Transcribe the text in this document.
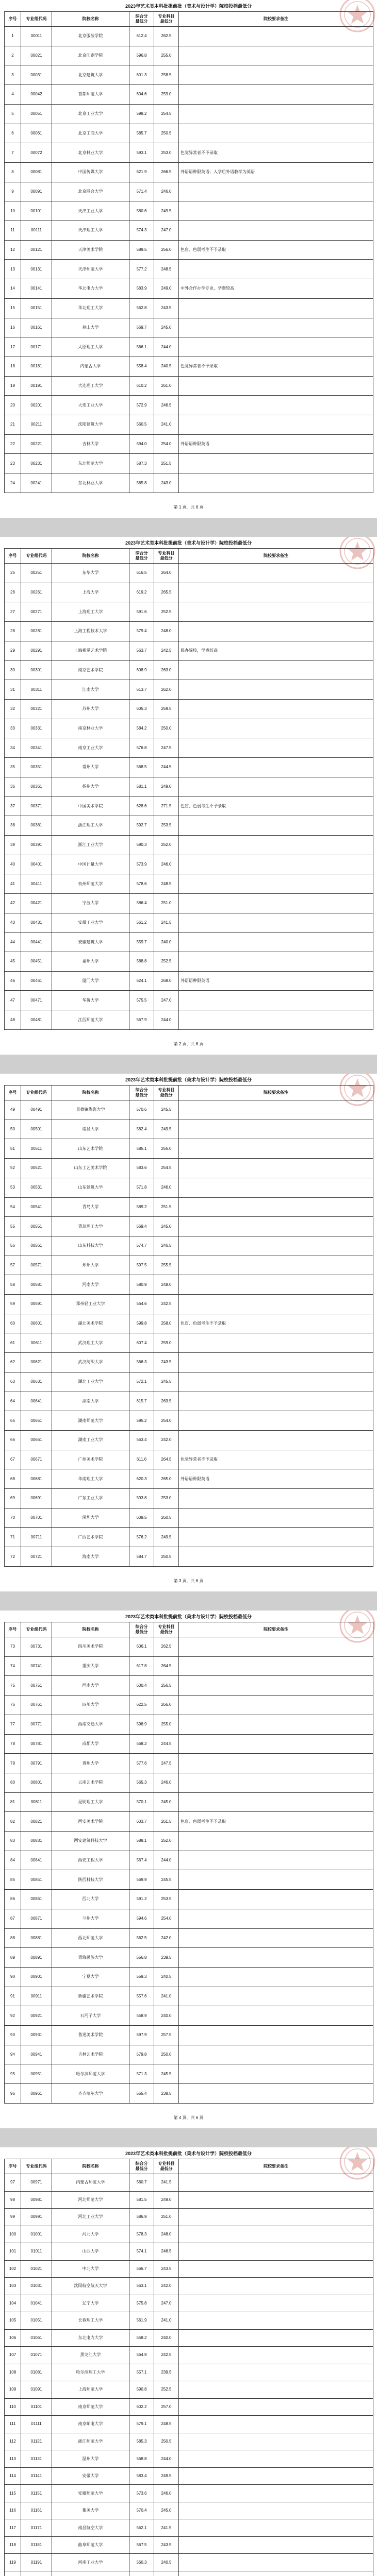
2023年艺术类本科批提前批（美术与设计学）院校投档最低分
序号	专业组代码	院校名称	综合分最低分	专业科目最低分	院校要求备注
1	00011	北京服装学院	612.4	262.5	
2	00021	北京印刷学院	596.8	255.0	
3	00031	北京建筑大学	601.3	258.5	
4	00042	首都师范大学	604.6	259.0	
5	00051	北京工业大学	598.2	254.5	
6	00061	北京工商大学	585.7	250.5	
7	00072	北京林业大学	593.1	253.0	色觉异常者不予录取
8	00081	中国传媒大学	621.9	266.5	外语语种限英语；入学后外语教学为英语
9	00091	北京联合大学	571.4	246.0	
10	00101	天津工业大学	580.6	249.5	
11	00111	天津理工大学	574.3	247.0	
12	00121	天津美术学院	589.5	256.0	色盲、色弱考生不予录取
13	00131	天津师范大学	577.2	248.5	
14	00141	华北电力大学	583.9	249.0	中外合作办学专业，学费较高
15	00151	华北理工大学	562.8	243.5	
16	00161	燕山大学	569.7	245.0	
17	00171	太原理工大学	566.1	244.0	
18	00181	内蒙古大学	558.4	240.5	色觉异常者不予录取
19	00191	大连理工大学	610.2	261.0	
20	00201	大连工业大学	572.9	246.5	
21	00211	沈阳建筑大学	560.5	241.0	
22	00221	吉林大学	594.0	254.0	外语语种限英语
23	00231	东北师范大学	587.3	251.5	
24	00241	东北林业大学	565.8	243.0	
第 1 页，共 6 页
2023年艺术类本科批提前批（美术与设计学）院校投档最低分
序号	专业组代码	院校名称	综合分最低分	专业科目最低分	院校要求备注
25	00251	东华大学	616.5	264.0	
26	00261	上海大学	619.2	265.5	
27	00271	上海理工大学	591.6	252.5	
28	00281	上海工程技术大学	579.4	248.0	
29	00291	上海视觉艺术学院	563.7	242.5	民办院校，学费较高
30	00301	南京艺术学院	608.9	263.0	
31	00311	江南大学	613.7	262.0	
32	00321	苏州大学	605.3	259.5	
33	00331	南京林业大学	584.2	250.0	
34	00341	南京工业大学	576.8	247.5	
35	00351	常州大学	568.5	244.5	
36	00361	扬州大学	581.1	249.0	
37	00371	中国美术学院	628.6	271.5	色盲、色弱考生不予录取
38	00381	浙江理工大学	592.7	253.5	
39	00391	浙江工业大学	590.3	252.0	
40	00401	中国计量大学	573.9	246.0	
41	00411	杭州师范大学	578.6	248.5	
42	00421	宁波大学	586.4	251.0	
43	00431	安徽工业大学	561.2	241.5	
44	00441	安徽建筑大学	559.7	240.0	
45	00451	福州大学	588.8	252.5	
46	00461	厦门大学	624.1	268.0	外语语种限英语
47	00471	华侨大学	575.5	247.0	
48	00481	江西师范大学	567.9	244.0	
第 2 页，共 6 页
2023年艺术类本科批提前批（美术与设计学）院校投档最低分
序号	专业组代码	院校名称	综合分最低分	专业科目最低分	院校要求备注
49	00491	景德镇陶瓷大学	570.6	245.5	
50	00501	南昌大学	582.4	249.5	
51	00511	山东艺术学院	585.1	255.0	
52	00521	山东工艺美术学院	583.6	254.5	
53	00531	山东建筑大学	571.8	246.0	
54	00541	青岛大学	589.2	251.5	
55	00551	青岛理工大学	569.4	245.0	
56	00561	山东科技大学	574.7	246.5	
57	00571	郑州大学	597.5	255.5	
58	00581	河南大学	580.9	248.0	
59	00591	郑州轻工业大学	564.6	242.5	
60	00601	湖北美术学院	599.8	258.0	色盲、色弱考生不予录取
61	00611	武汉理工大学	607.4	259.0	
62	00621	武汉纺织大学	566.3	243.5	
63	00631	湖北工业大学	572.1	245.5	
64	00641	湖南大学	615.7	263.5	
65	00651	湖南师范大学	595.2	254.0	
66	00661	湖南工业大学	563.4	242.0	
67	00671	广州美术学院	611.6	264.5	色觉异常者不予录取
68	00681	华南理工大学	620.3	265.0	外语语种限英语
69	00691	广东工业大学	593.8	253.0	
70	00701	深圳大学	609.5	260.5	
71	00711	广西艺术学院	576.2	249.5	
72	00721	海南大学	584.7	250.5	
第 3 页，共 6 页
2023年艺术类本科批提前批（美术与设计学）院校投档最低分
序号	专业组代码	院校名称	综合分最低分	专业科目最低分	院校要求备注
73	00731	四川美术学院	606.1	262.5	
74	00741	重庆大学	617.8	264.5	
75	00751	西南大学	600.4	256.5	
76	00761	四川大学	622.5	266.0	
77	00771	西南交通大学	598.9	255.0	
78	00781	成都大学	568.2	244.5	
79	00791	贵州大学	577.6	247.5	
80	00801	云南艺术学院	565.3	246.0	
81	00811	昆明理工大学	570.1	245.0	
82	00821	西安美术学院	603.7	261.5	色盲、色弱考生不予录取
83	00831	西安建筑科技大学	588.1	252.0	
84	00841	西安工程大学	567.4	244.0	
85	00851	陕西科技大学	569.9	245.5	
86	00861	西北大学	591.2	253.5	
87	00871	兰州大学	594.6	254.0	
88	00881	西北师范大学	562.5	242.0	
89	00891	青海民族大学	556.8	239.5	
90	00901	宁夏大学	559.3	240.5	
91	00911	新疆艺术学院	557.6	241.0	
92	00921	石河子大学	558.9	240.0	
93	00931	鲁迅美术学院	597.9	257.5	
94	00941	吉林艺术学院	579.8	250.0	
95	00951	哈尔滨师范大学	571.3	245.5	
96	00961	齐齐哈尔大学	555.4	238.5	
第 4 页，共 6 页
2023年艺术类本科批提前批（美术与设计学）院校投档最低分
序号	专业组代码	院校名称	综合分最低分	专业科目最低分	院校要求备注
97	00971	内蒙古师范大学	560.7	241.5	
98	00981	河北师范大学	581.5	249.0	
99	00991	河北工业大学	586.9	251.0	
100	01001	河北大学	578.3	248.0	
101	01011	山西大学	574.1	246.5	
102	01021	中北大学	566.7	243.5	
103	01031	沈阳航空航天大学	563.1	242.0	
104	01041	辽宁大学	575.8	247.0	
105	01051	长春理工大学	561.9	241.0	
106	01061	东北电力大学	558.2	240.0	
107	01071	黑龙江大学	564.9	242.5	
108	01081	哈尔滨理工大学	557.1	239.5	
109	01091	上海师范大学	590.8	252.5	
110	01101	南京师范大学	602.2	257.0	
111	01111	南京邮电大学	579.1	248.5	
112	01121	浙江师范大学	585.3	250.5	
113	01131	温州大学	568.8	244.0	
114	01141	安徽大学	583.4	249.5	
115	01151	安徽师范大学	573.6	246.0	
116	01161	集美大学	570.4	245.0	
117	01171	南昌航空大学	562.1	241.5	
118	01181	曲阜师范大学	567.5	243.5	
119	01191	河南工业大学	560.3	240.5	
